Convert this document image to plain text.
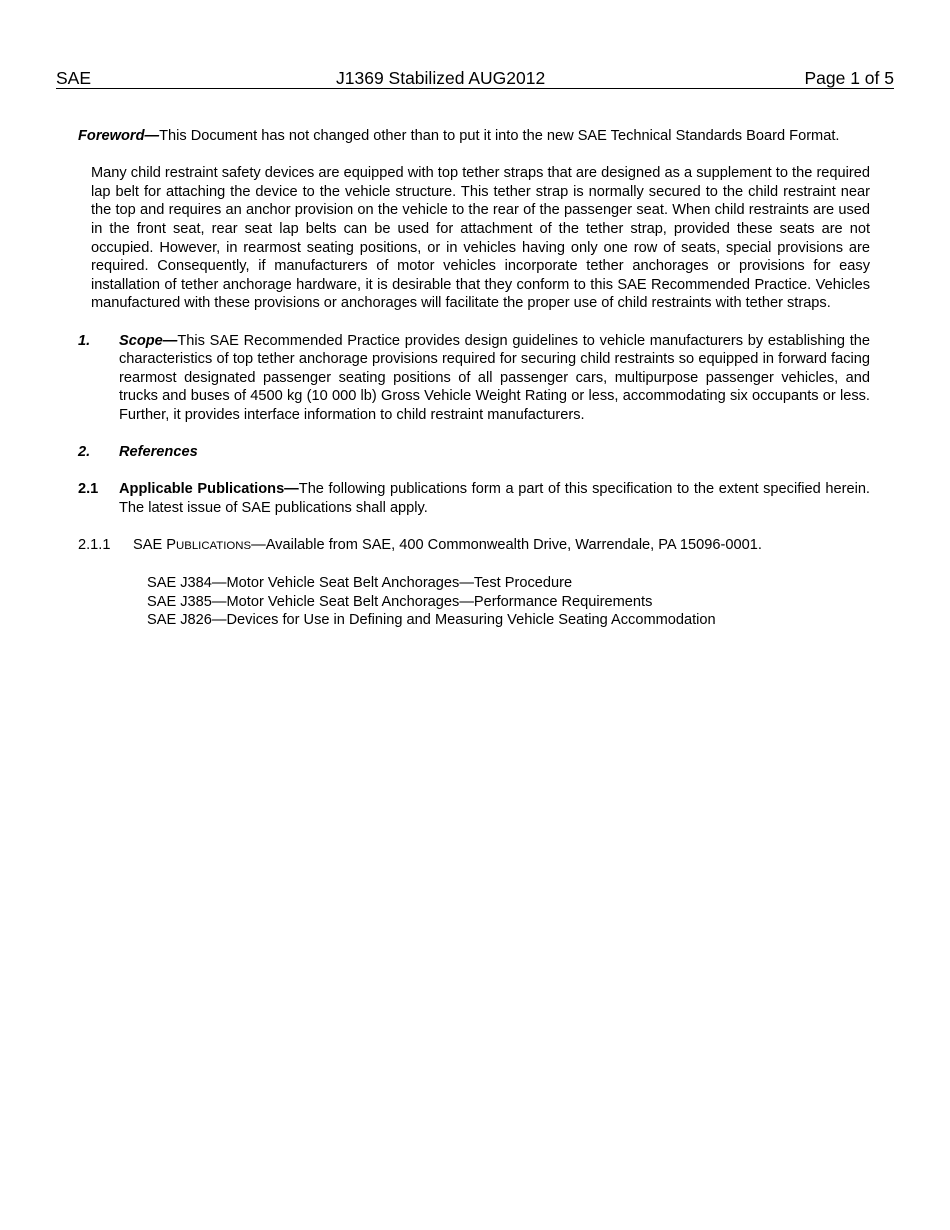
SAE	J1369 Stabilized AUG2012	Page 1 of 5

Foreword—This Document has not changed other than to put it into the new SAE Technical Standards Board Format.

Many child restraint safety devices are equipped with top tether straps that are designed as a supplement to the required lap belt for attaching the device to the vehicle structure. This tether strap is normally secured to the child restraint near the top and requires an anchor provision on the vehicle to the rear of the passenger seat. When child restraints are used in the front seat, rear seat lap belts can be used for attachment of the tether strap, provided these seats are not occupied. However, in rearmost seating positions, or in vehicles having only one row of seats, special provisions are required. Consequently, if manufacturers of motor vehicles incorporate tether anchorages or provisions for easy installation of tether anchorage hardware, it is desirable that they conform to this SAE Recommended Practice. Vehicles manufactured with these provisions or anchorages will facilitate the proper use of child restraints with tether straps.

1. Scope—This SAE Recommended Practice provides design guidelines to vehicle manufacturers by establishing the characteristics of top tether anchorage provisions required for securing child restraints so equipped in forward facing rearmost designated passenger seating positions of all passenger cars, multipurpose passenger vehicles, and trucks and buses of 4500 kg (10 000 lb) Gross Vehicle Weight Rating or less, accommodating six occupants or less. Further, it provides interface information to child restraint manufacturers.

2. References

2.1 Applicable Publications—The following publications form a part of this specification to the extent specified herein. The latest issue of SAE publications shall apply.

2.1.1 SAE PUBLICATIONS—Available from SAE, 400 Commonwealth Drive, Warrendale, PA 15096-0001.

SAE J384—Motor Vehicle Seat Belt Anchorages—Test Procedure
SAE J385—Motor Vehicle Seat Belt Anchorages—Performance Requirements
SAE J826—Devices for Use in Defining and Measuring Vehicle Seating Accommodation
